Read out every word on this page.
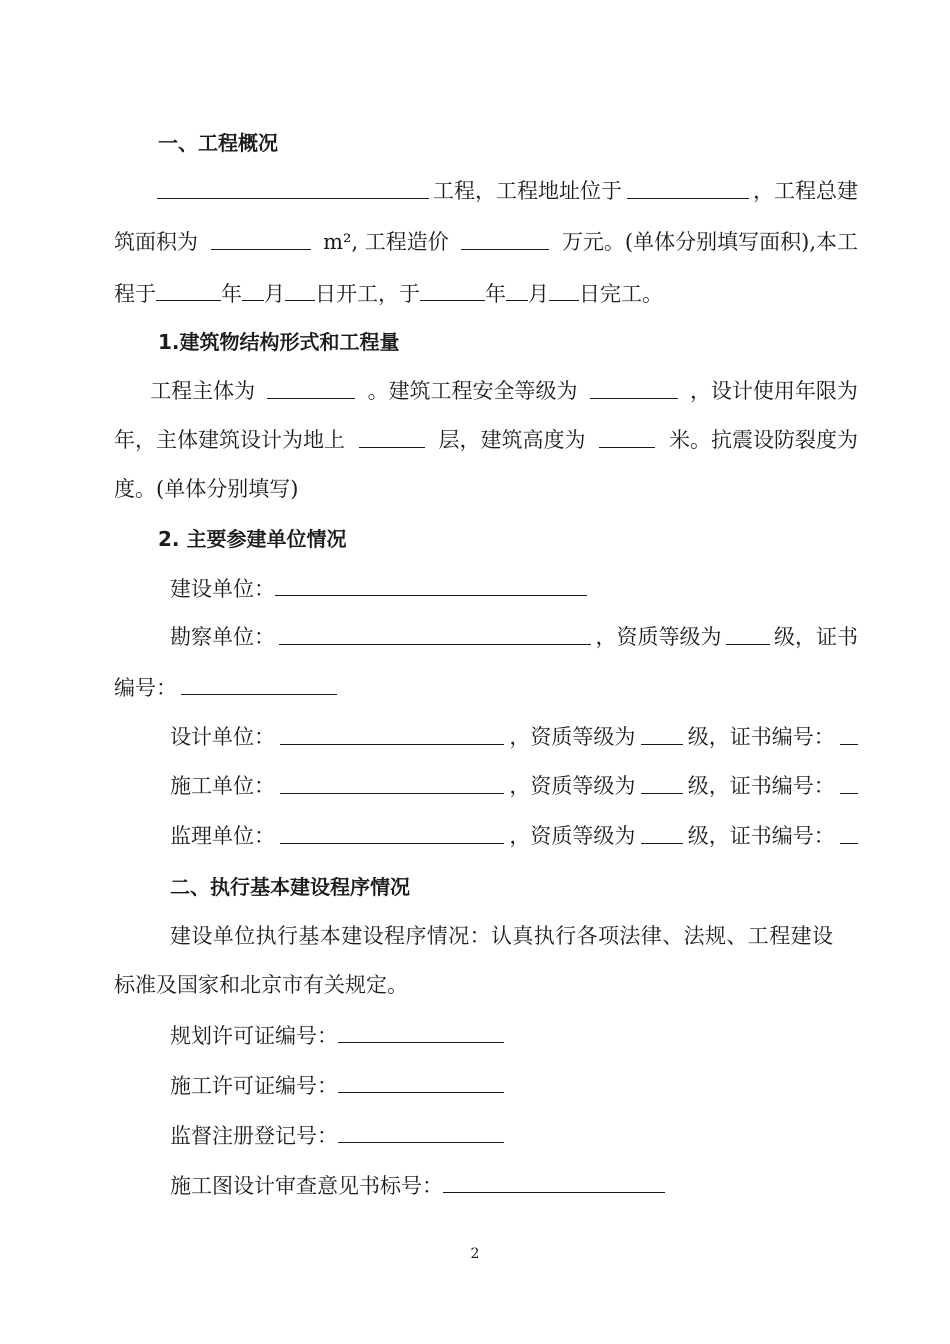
一、工程概况
工程，工程地址位于	，工程总建
筑面积为	m², 工程造价	万元。(单体分别填写面积),本工
程于	年 月 日开工，于	年 月 日完工。
1.建筑物结构形式和工程量
工程主体为	。建筑工程安全等级为	，设计使用年限为
年，主体建筑设计为地上	层，建筑高度为	米。抗震设防裂度为
度。(单体分别填写)
2. 主要参建单位情况
建设单位：
勘察单位：	，资质等级为	级，证书
编号：
设计单位：	，资质等级为 级，证书编号：
施工单位：	，资质等级为 级，证书编号：
监理单位：	，资质等级为 级，证书编号：
二、执行基本建设程序情况
建设单位执行基本建设程序情况：认真执行各项法律、法规、工程建设
标准及国家和北京市有关规定。
规划许可证编号：
施工许可证编号：
监督注册登记号：
施工图设计审查意见书标号：
2
